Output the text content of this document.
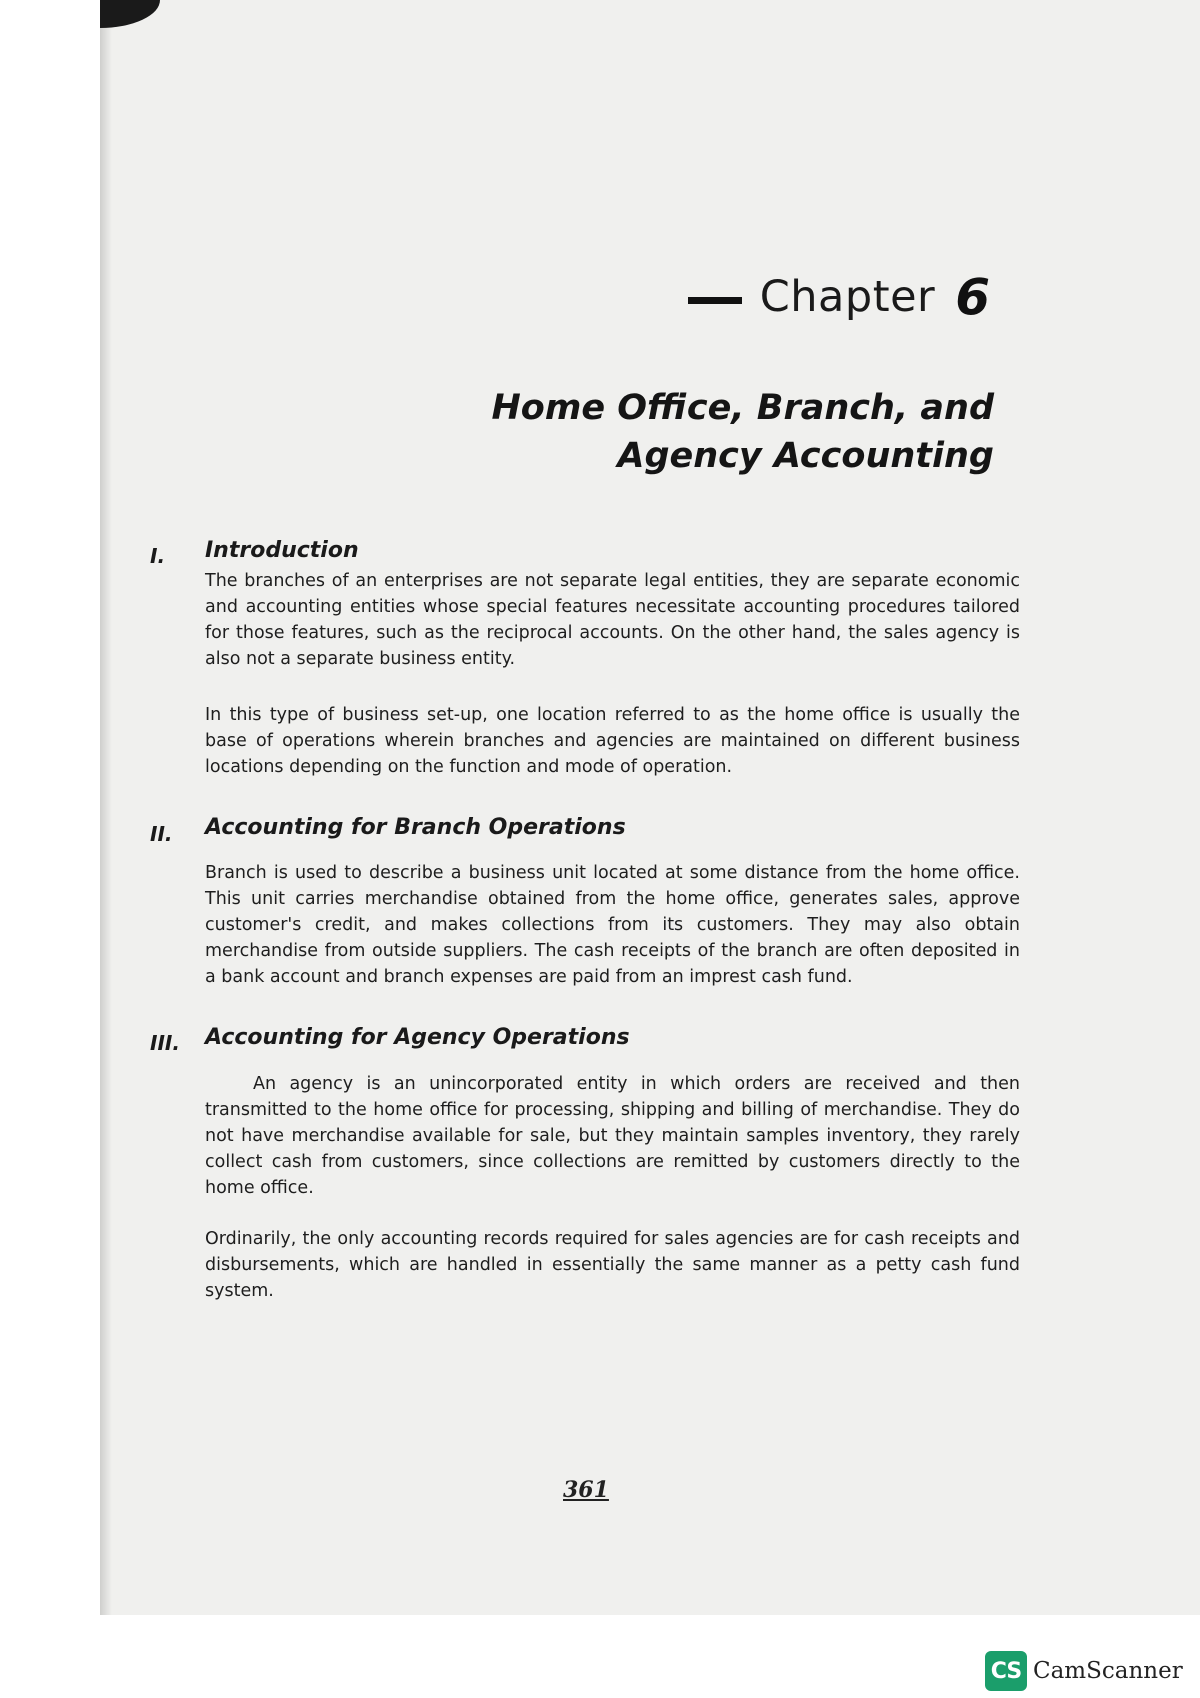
Chapter 6
Home Office, Branch, and
Agency Accounting
I. Introduction

The branches of an enterprises are not separate legal entities, they are separate economic and accounting entities whose special features necessitate accounting procedures tailored for those features, such as the reciprocal accounts. On the other hand, the sales agency is also not a separate business entity.

In this type of business set-up, one location referred to as the home office is usually the base of operations wherein branches and agencies are maintained on different business locations depending on the function and mode of operation.

II. Accounting for Branch Operations

Branch is used to describe a business unit located at some distance from the home office. This unit carries merchandise obtained from the home office, generates sales, approve customer's credit, and makes collections from its customers. They may also obtain merchandise from outside suppliers. The cash receipts of the branch are often deposited in a bank account and branch expenses are paid from an imprest cash fund.

III. Accounting for Agency Operations

An agency is an unincorporated entity in which orders are received and then transmitted to the home office for processing, shipping and billing of merchandise. They do not have merchandise available for sale, but they maintain samples inventory, they rarely collect cash from customers, since collections are remitted by customers directly to the home office.

Ordinarily, the only accounting records required for sales agencies are for cash receipts and disbursements, which are handled in essentially the same manner as a petty cash fund system.

361
CS CamScanner
